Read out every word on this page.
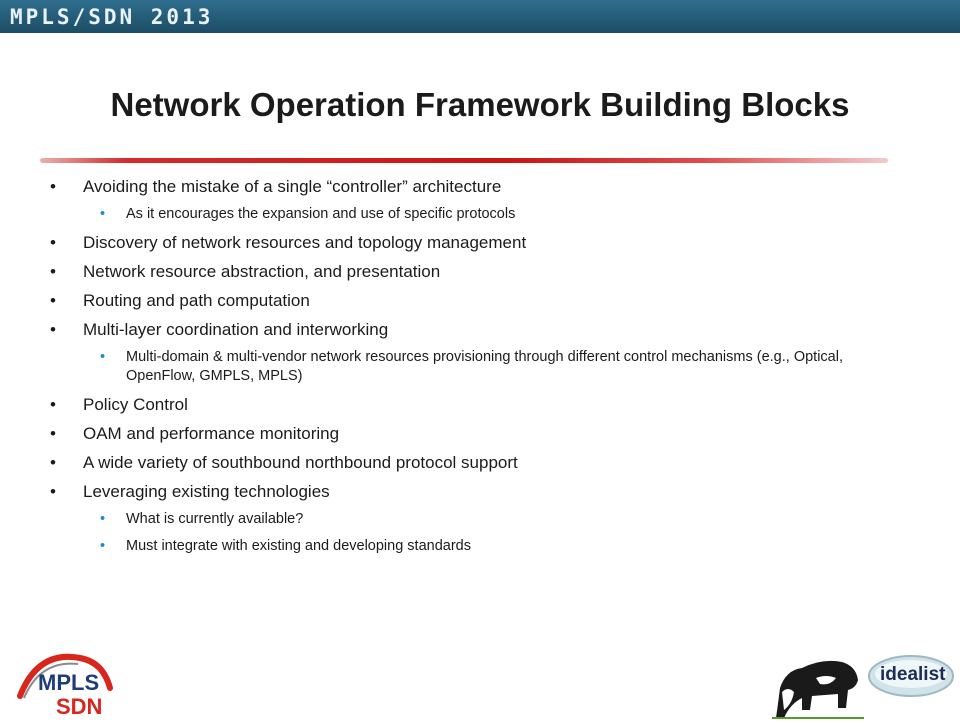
MPLS/SDN 2013
Network Operation Framework Building Blocks
•	Avoiding the mistake of a single “controller” architecture
•	As it encourages the expansion and use of specific protocols
•	Discovery of network resources and topology management
•	Network resource abstraction, and presentation
•	Routing and path computation
•	Multi-layer coordination and interworking
•	Multi-domain & multi-vendor network resources provisioning through different control mechanisms (e.g., Optical, OpenFlow, GMPLS, MPLS)
•	Policy Control
•	OAM and performance monitoring
•	A wide variety of southbound northbound protocol support
•	Leveraging existing technologies
•	What is currently available?
•	Must integrate with existing and developing standards
MPLS
SDN
idealist
